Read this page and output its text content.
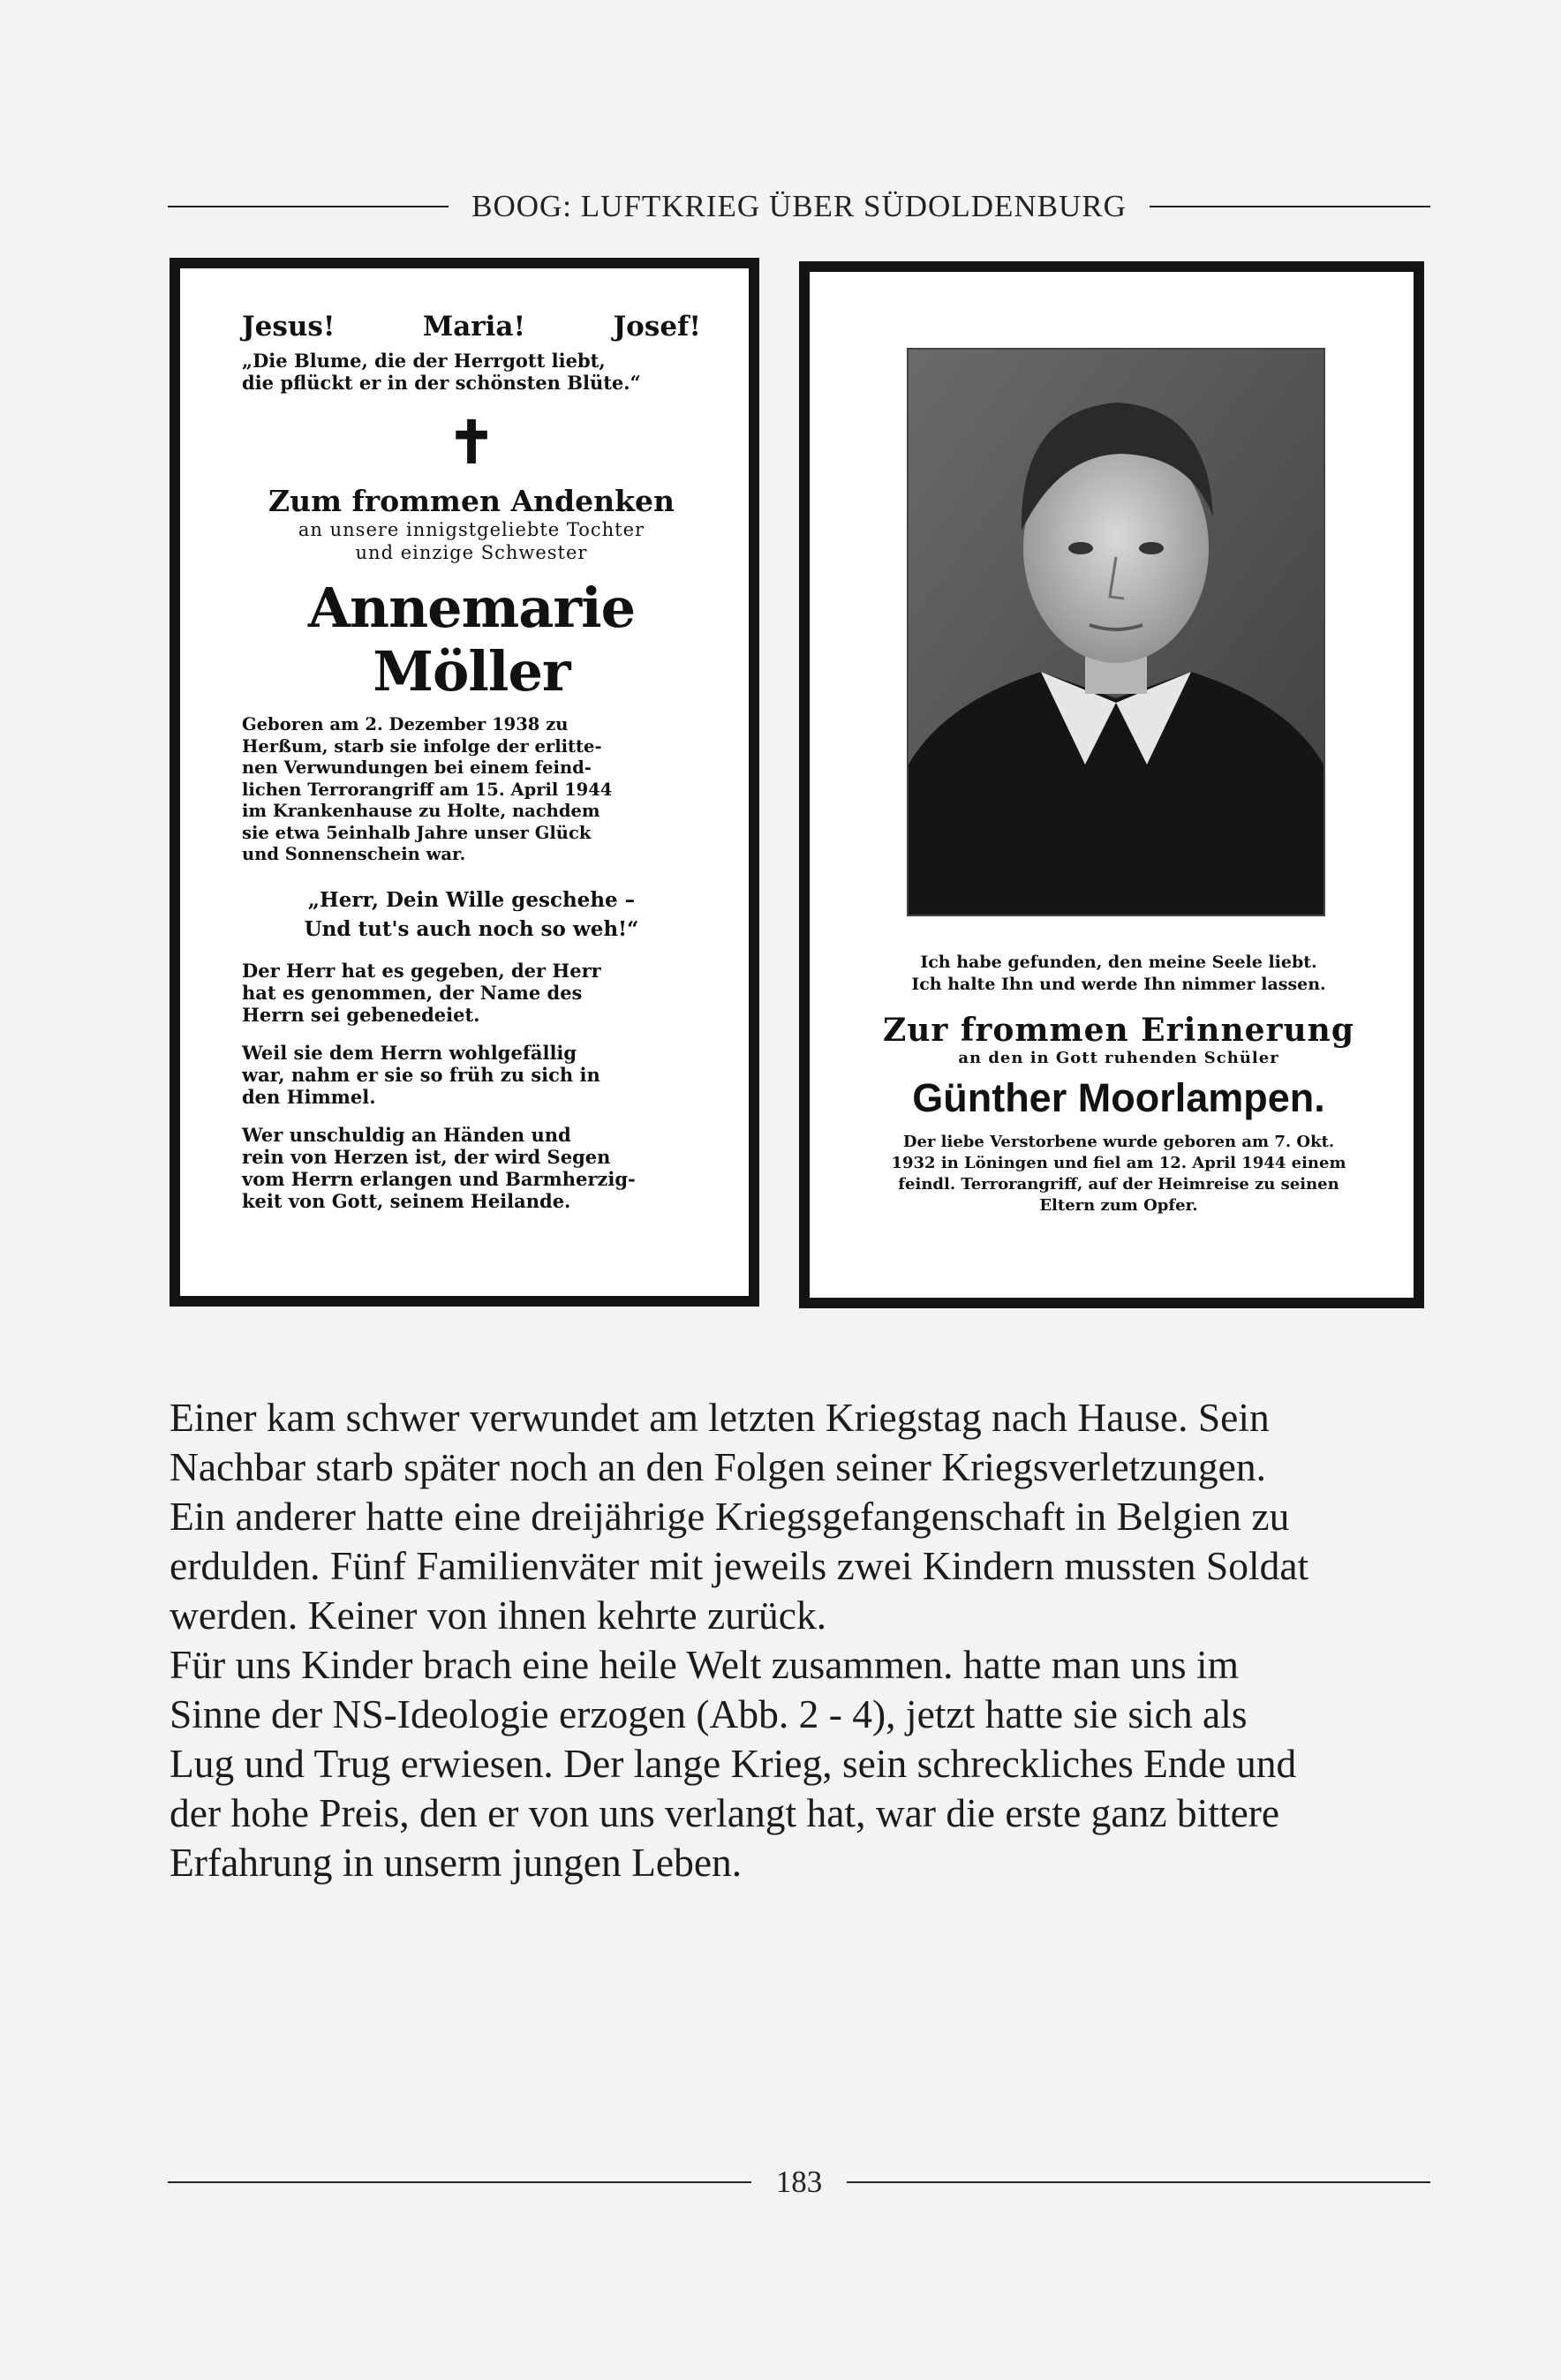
BOOG: LUFTKRIEG ÜBER SÜDOLDENBURG
Jesus!	Maria!	Josef!
„Die Blume, die der Herrgott liebt,
die pflückt er in der schönsten Blüte.“
✝
Zum frommen Andenken
an unsere innigstgeliebte Tochter
und einzige Schwester
Annemarie Möller
Geboren am 2. Dezember 1938 zu
Herßum, starb sie infolge der erlitte-
nen Verwundungen bei einem feind-
lichen Terrorangriff am 15. April 1944
im Krankenhause zu Holte, nachdem
sie etwa 5einhalb Jahre unser Glück
und Sonnenschein war.
„Herr, Dein Wille geschehe –
Und tut's auch noch so weh!“
Der Herr hat es gegeben, der Herr
hat es genommen, der Name des
Herrn sei gebenedeiet.
Weil sie dem Herrn wohlgefällig
war, nahm er sie so früh zu sich in
den Himmel.
Wer unschuldig an Händen und
rein von Herzen ist, der wird Segen
vom Herrn erlangen und Barmherzig-
keit von Gott, seinem Heilande.
Ich habe gefunden, den meine Seele liebt.
Ich halte Ihn und werde Ihn nimmer lassen.
Zur frommen Erinnerung
an den in Gott ruhenden Schüler
Günther Moorlampen.
Der liebe Verstorbene wurde geboren am 7. Okt.
1932 in Löningen und fiel am 12. April 1944 einem
feindl. Terrorangriff, auf der Heimreise zu seinen
Eltern zum Opfer.
Einer kam schwer verwundet am letzten Kriegstag nach Hause. Sein
Nachbar starb später noch an den Folgen seiner Kriegsverletzungen.
Ein anderer hatte eine dreijährige Kriegsgefangenschaft in Belgien zu
erdulden. Fünf Familienväter mit jeweils zwei Kindern mussten Soldat
werden. Keiner von ihnen kehrte zurück.
Für uns Kinder brach eine heile Welt zusammen. hatte man uns im
Sinne der NS-Ideologie erzogen (Abb. 2 - 4), jetzt hatte sie sich als
Lug und Trug erwiesen. Der lange Krieg, sein schreckliches Ende und
der hohe Preis, den er von uns verlangt hat, war die erste ganz bittere
Erfahrung in unserm jungen Leben.
183
